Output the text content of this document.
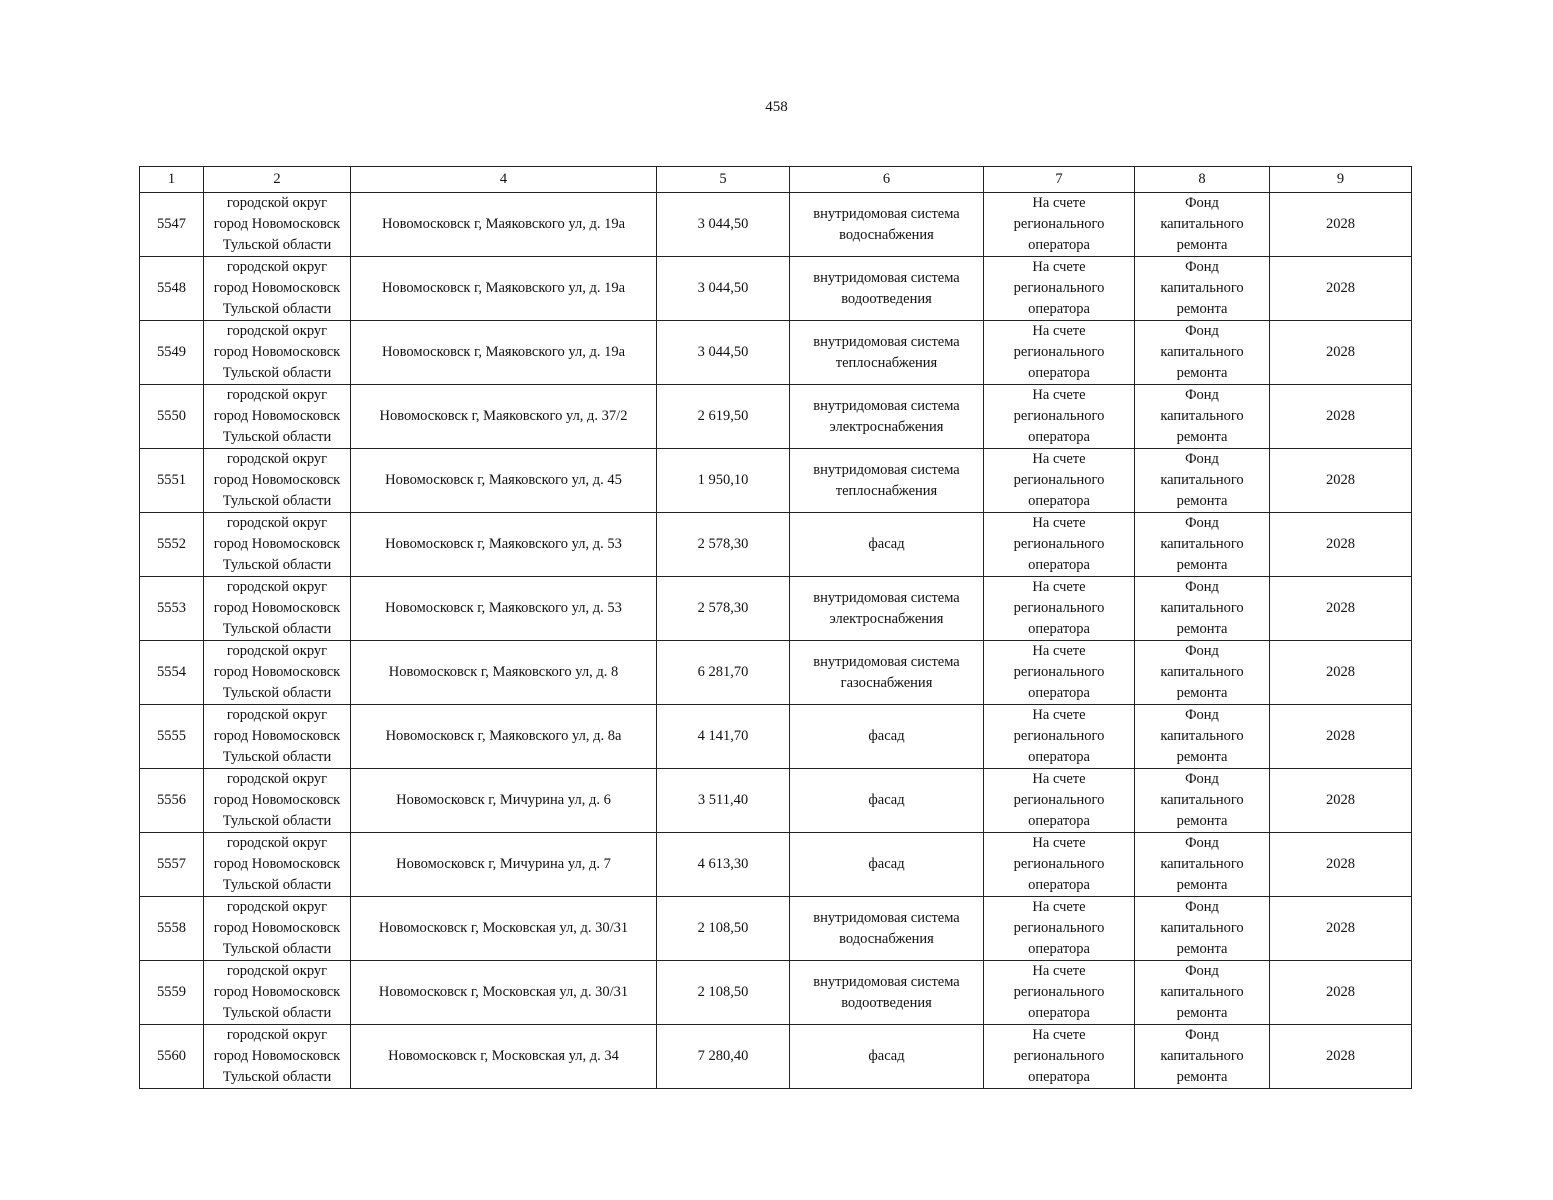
458
1	2	4	5	6	7	8	9
5547	городской округ
город Новомосковск
Тульской области	Новомосковск г, Маяковского ул, д. 19а	3 044,50	внутридомовая система
водоснабжения	На счете
регионального
оператора	Фонд
капитального
ремонта	2028
5548	городской округ
город Новомосковск
Тульской области	Новомосковск г, Маяковского ул, д. 19а	3 044,50	внутридомовая система
водоотведения	На счете
регионального
оператора	Фонд
капитального
ремонта	2028
5549	городской округ
город Новомосковск
Тульской области	Новомосковск г, Маяковского ул, д. 19а	3 044,50	внутридомовая система
теплоснабжения	На счете
регионального
оператора	Фонд
капитального
ремонта	2028
5550	городской округ
город Новомосковск
Тульской области	Новомосковск г, Маяковского ул, д. 37/2	2 619,50	внутридомовая система
электроснабжения	На счете
регионального
оператора	Фонд
капитального
ремонта	2028
5551	городской округ
город Новомосковск
Тульской области	Новомосковск г, Маяковского ул, д. 45	1 950,10	внутридомовая система
теплоснабжения	На счете
регионального
оператора	Фонд
капитального
ремонта	2028
5552	городской округ
город Новомосковск
Тульской области	Новомосковск г, Маяковского ул, д. 53	2 578,30	фасад	На счете
регионального
оператора	Фонд
капитального
ремонта	2028
5553	городской округ
город Новомосковск
Тульской области	Новомосковск г, Маяковского ул, д. 53	2 578,30	внутридомовая система
электроснабжения	На счете
регионального
оператора	Фонд
капитального
ремонта	2028
5554	городской округ
город Новомосковск
Тульской области	Новомосковск г, Маяковского ул, д. 8	6 281,70	внутридомовая система
газоснабжения	На счете
регионального
оператора	Фонд
капитального
ремонта	2028
5555	городской округ
город Новомосковск
Тульской области	Новомосковск г, Маяковского ул, д. 8а	4 141,70	фасад	На счете
регионального
оператора	Фонд
капитального
ремонта	2028
5556	городской округ
город Новомосковск
Тульской области	Новомосковск г, Мичурина ул, д. 6	3 511,40	фасад	На счете
регионального
оператора	Фонд
капитального
ремонта	2028
5557	городской округ
город Новомосковск
Тульской области	Новомосковск г, Мичурина ул, д. 7	4 613,30	фасад	На счете
регионального
оператора	Фонд
капитального
ремонта	2028
5558	городской округ
город Новомосковск
Тульской области	Новомосковск г, Московская ул, д. 30/31	2 108,50	внутридомовая система
водоснабжения	На счете
регионального
оператора	Фонд
капитального
ремонта	2028
5559	городской округ
город Новомосковск
Тульской области	Новомосковск г, Московская ул, д. 30/31	2 108,50	внутридомовая система
водоотведения	На счете
регионального
оператора	Фонд
капитального
ремонта	2028
5560	городской округ
город Новомосковск
Тульской области	Новомосковск г, Московская ул, д. 34	7 280,40	фасад	На счете
регионального
оператора	Фонд
капитального
ремонта	2028
